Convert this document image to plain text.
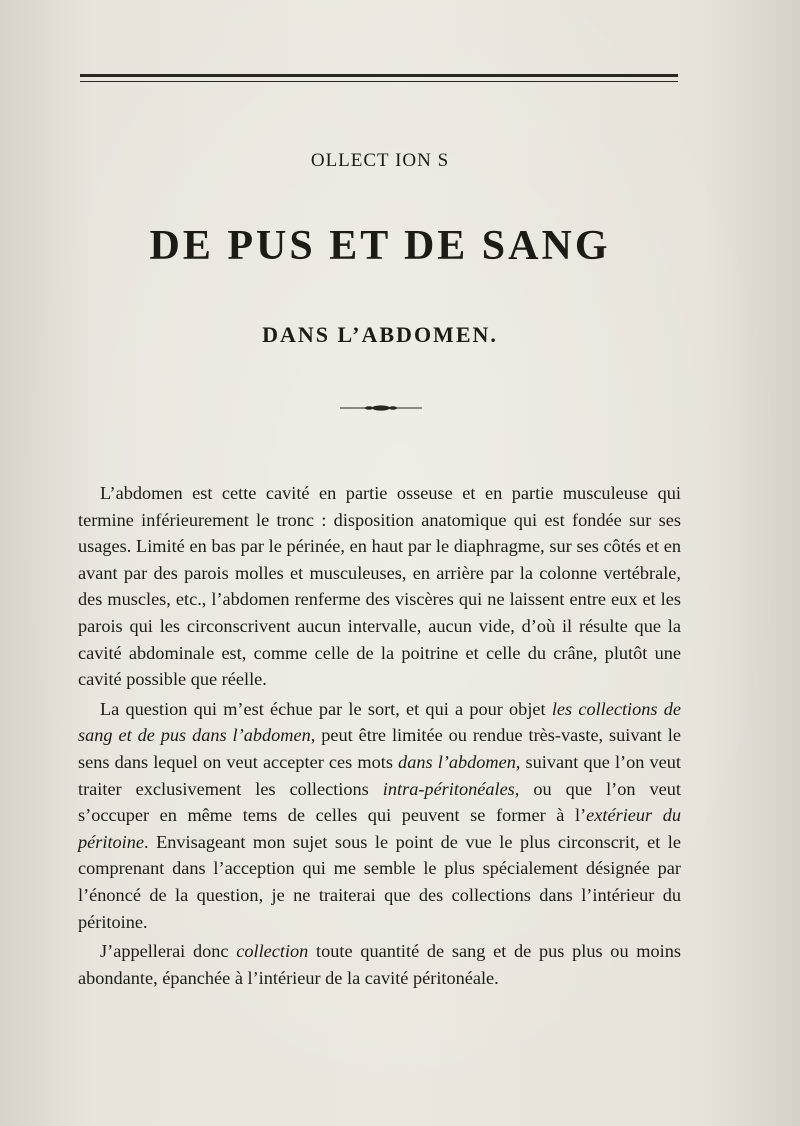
OLLECT ION S
DE PUS ET DE SANG
DANS L’ABDOMEN.

L’abdomen est cette cavité en partie osseuse et en partie musculeuse qui termine inférieurement le tronc : disposition anatomique qui est fondée sur ses usages. Limité en bas par le périnée, en haut par le diaphragme, sur ses côtés et en avant par des parois molles et musculeuses, en arrière par la colonne vertébrale, des muscles, etc., l’abdomen renferme des viscères qui ne laissent entre eux et les parois qui les circonscrivent aucun intervalle, aucun vide, d’où il résulte que la cavité abdominale est, comme celle de la poitrine et celle du crâne, plutôt une cavité possible que réelle.

La question qui m’est échue par le sort, et qui a pour objet les collections de sang et de pus dans l’abdomen, peut être limitée ou rendue très-vaste, suivant le sens dans lequel on veut accepter ces mots dans l’abdomen, suivant que l’on veut traiter exclusivement les collections intra-péritonéales, ou que l’on veut s’occuper en même tems de celles qui peuvent se former à l’extérieur du péritoine. Envisageant mon sujet sous le point de vue le plus circonscrit, et le comprenant dans l’acception qui me semble le plus spécialement désignée par l’énoncé de la question, je ne traiterai que des collections dans l’intérieur du péritoine.

J’appellerai donc collection toute quantité de sang et de pus plus ou moins abondante, épanchée à l’intérieur de la cavité péritonéale.
